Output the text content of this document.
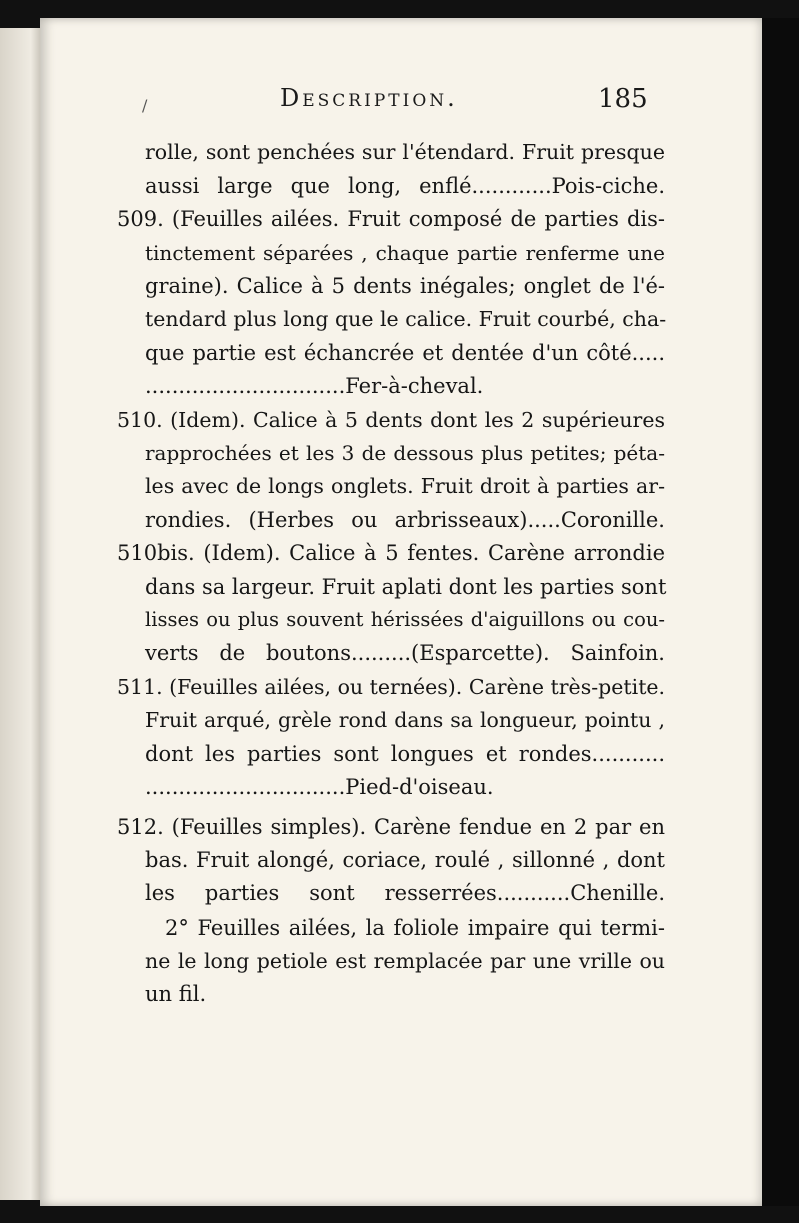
/	Description.	185
rolle, sont penchées sur l'étendard. Fruit presque
aussi large que long, enflé............Pois-ciche.
509. (Feuilles ailées. Fruit composé de parties dis-
tinctement séparées , chaque partie renferme une
graine). Calice à 5 dents inégales; onglet de l'é-
tendard plus long que le calice. Fruit courbé, cha-
que partie est échancrée et dentée d'un côté.....
..............................Fer-à-cheval.
510. (Idem). Calice à 5 dents dont les 2 supérieures
rapprochées et les 3 de dessous plus petites; péta-
les avec de longs onglets. Fruit droit à parties ar-
rondies. (Herbes ou arbrisseaux).....Coronille.
510bis. (Idem). Calice à 5 fentes. Carène arrondie
dans sa largeur. Fruit aplati dont les parties sont
lisses ou plus souvent hérissées d'aiguillons ou cou-
verts de boutons.........(Esparcette). Sainfoin.
511. (Feuilles ailées, ou ternées). Carène très-petite.
Fruit arqué, grèle rond dans sa longueur, pointu ,
dont les parties sont longues et rondes...........
..............................Pied-d'oiseau.
512. (Feuilles simples). Carène fendue en 2 par en
bas. Fruit alongé, coriace, roulé , sillonné , dont
les parties sont resserrées...........Chenille.
2° Feuilles ailées, la foliole impaire qui termi-
ne le long petiole est remplacée par une vrille ou
un fil.
